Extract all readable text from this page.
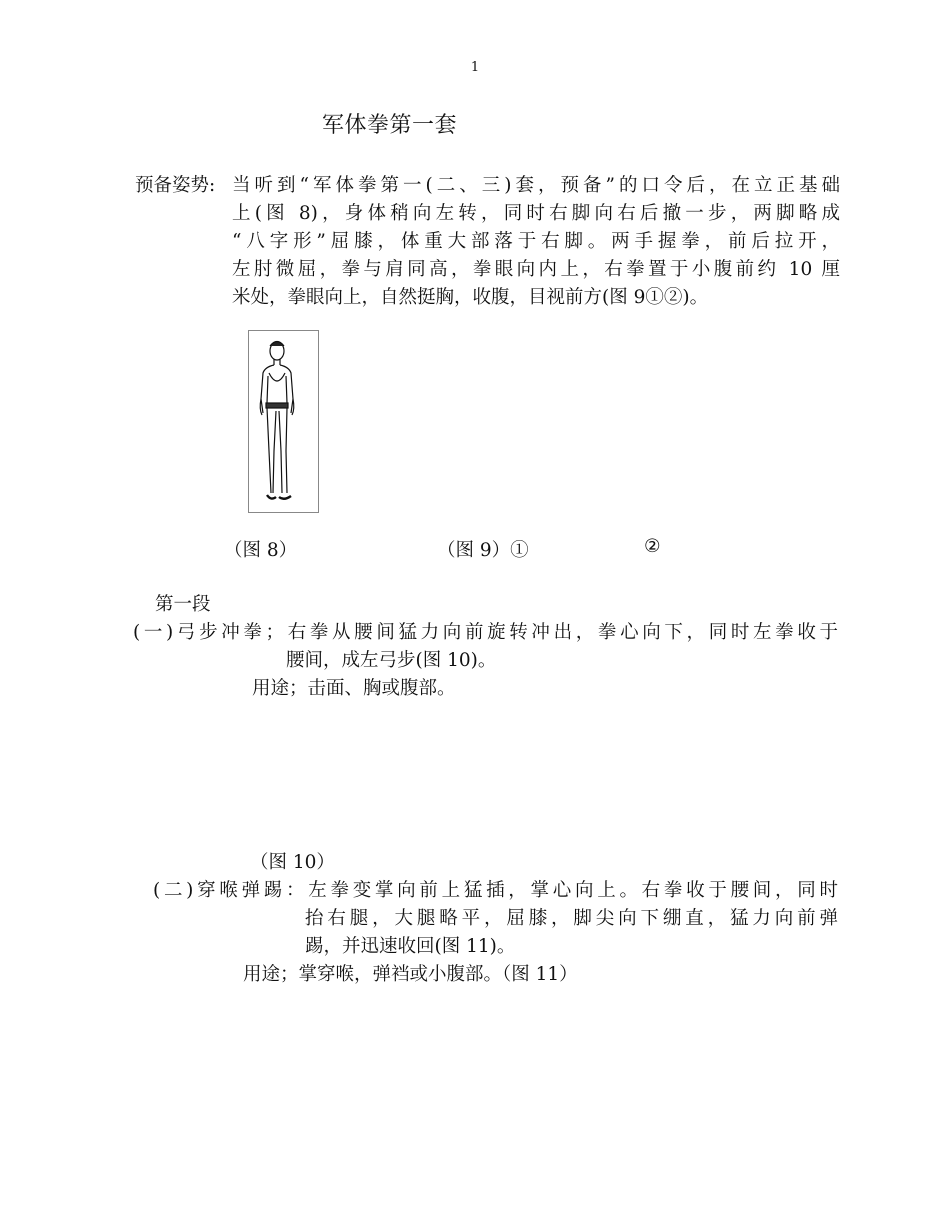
1
军体拳第一套
预备姿势: 当听到“军体拳第一(二、三)套，预备”的口令后，在立正基础
上(图 8)，身体稍向左转，同时右脚向右后撤一步，两脚略成
“八字形”屈膝，体重大部落于右脚。两手握拳，前后拉开，
左肘微屈，拳与肩同高，拳眼向内上，右拳置于小腹前约 10 厘
米处，拳眼向上，自然挺胸，收腹，目视前方(图 9①②)。
（图 8）	（图 9）①	②
第一段
(一)弓步冲拳；右拳从腰间猛力向前旋转冲出，拳心向下，同时左拳收于
腰间，成左弓步(图 10)。
用途；击面、胸或腹部。
（图 10）
(二)穿喉弹踢：左拳变掌向前上猛插，掌心向上。右拳收于腰间，同时
抬右腿，大腿略平，屈膝，脚尖向下绷直，猛力向前弹
踢，并迅速收回(图 11)。
用途；掌穿喉，弹裆或小腹部。（图 11）
